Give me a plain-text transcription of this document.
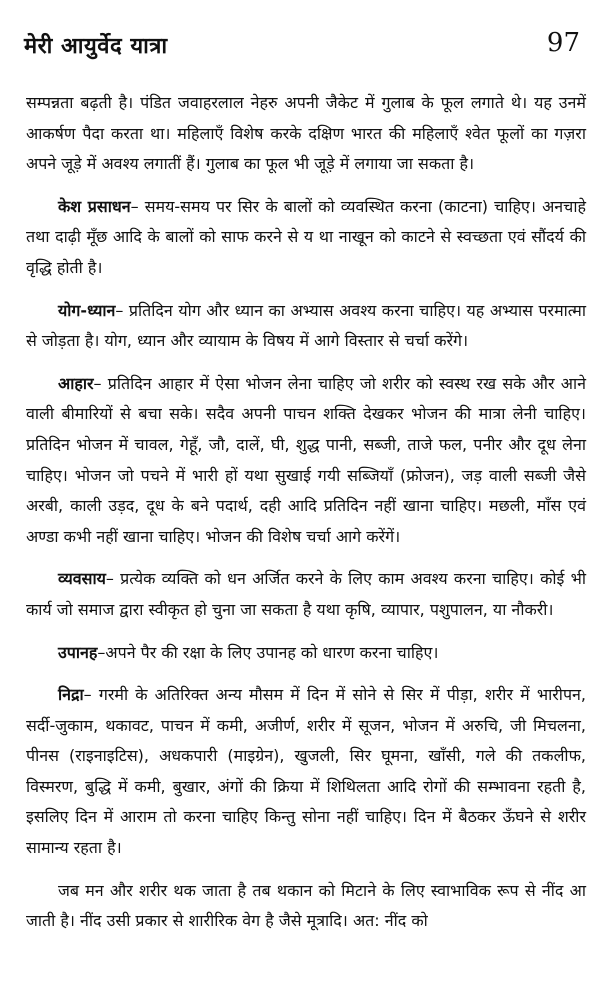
मेरी आयुर्वेद यात्रा	97

सम्पन्नता बढ़ती है। पंडित जवाहरलाल नेहरु अपनी जैकेट में गुलाब के फूल लगाते थे। यह उनमें आकर्षण पैदा करता था। महिलाएँ विशेष करके दक्षिण भारत की महिलाएँ श्वेत फूलों का गज़रा अपने जूड़े में अवश्य लगातीं हैं। गुलाब का फूल भी जूड़े में लगाया जा सकता है।

केश प्रसाधन– समय-समय पर सिर के बालों को व्यवस्थित करना (काटना) चाहिए। अनचाहे तथा दाढ़ी मूँछ आदि के बालों को साफ करने से य था नाखून को काटने से स्वच्छता एवं सौंदर्य की वृद्धि होती है।

योग-ध्यान– प्रतिदिन योग और ध्यान का अभ्यास अवश्य करना चाहिए। यह अभ्यास परमात्मा से जोड़ता है। योग, ध्यान और व्यायाम के विषय में आगे विस्तार से चर्चा करेंगे।

आहार– प्रतिदिन आहार में ऐसा भोजन लेना चाहिए जो शरीर को स्वस्थ रख सके और आने वाली बीमारियों से बचा सके। सदैव अपनी पाचन शक्ति देखकर भोजन की मात्रा लेनी चाहिए। प्रतिदिन भोजन में चावल, गेहूँ, जौ, दालें, घी, शुद्ध पानी, सब्जी, ताजे फल, पनीर और दूध लेना चाहिए। भोजन जो पचने में भारी हों यथा सुखाई गयी सब्जियाँ (फ्रोजन), जड़ वाली सब्जी जैसे अरबी, काली उड़द, दूध के बने पदार्थ, दही आदि प्रतिदिन नहीं खाना चाहिए। मछली, माँस एवं अण्डा कभी नहीं खाना चाहिए। भोजन की विशेष चर्चा आगे करेंगें।

व्यवसाय– प्रत्येक व्यक्ति को धन अर्जित करने के लिए काम अवश्य करना चाहिए। कोई भी कार्य जो समाज द्वारा स्वीकृत हो चुना जा सकता है यथा कृषि, व्यापार, पशुपालन, या नौकरी।

उपानह–अपने पैर की रक्षा के लिए उपानह को धारण करना चाहिए।

निद्रा– गरमी के अतिरिक्त अन्य मौसम में दिन में सोने से सिर में पीड़ा, शरीर में भारीपन, सर्दी-जुकाम, थकावट, पाचन में कमी, अजीर्ण, शरीर में सूजन, भोजन में अरुचि, जी मिचलना, पीनस (राइनाइटिस), अधकपारी (माइग्रेन), खुजली, सिर घूमना, खाँसी, गले की तकलीफ, विस्मरण, बुद्धि में कमी, बुखार, अंगों की क्रिया में शिथिलता आदि रोगों की सम्भावना रहती है, इसलिए दिन में आराम तो करना चाहिए किन्तु सोना नहीं चाहिए। दिन में बैठकर ऊँघने से शरीर सामान्य रहता है।

जब मन और शरीर थक जाता है तब थकान को मिटाने के लिए स्वाभाविक रूप से नींद आ जाती है। नींद उसी प्रकार से शारीरिक वेग है जैसे मूत्रादि। अत: नींद को
